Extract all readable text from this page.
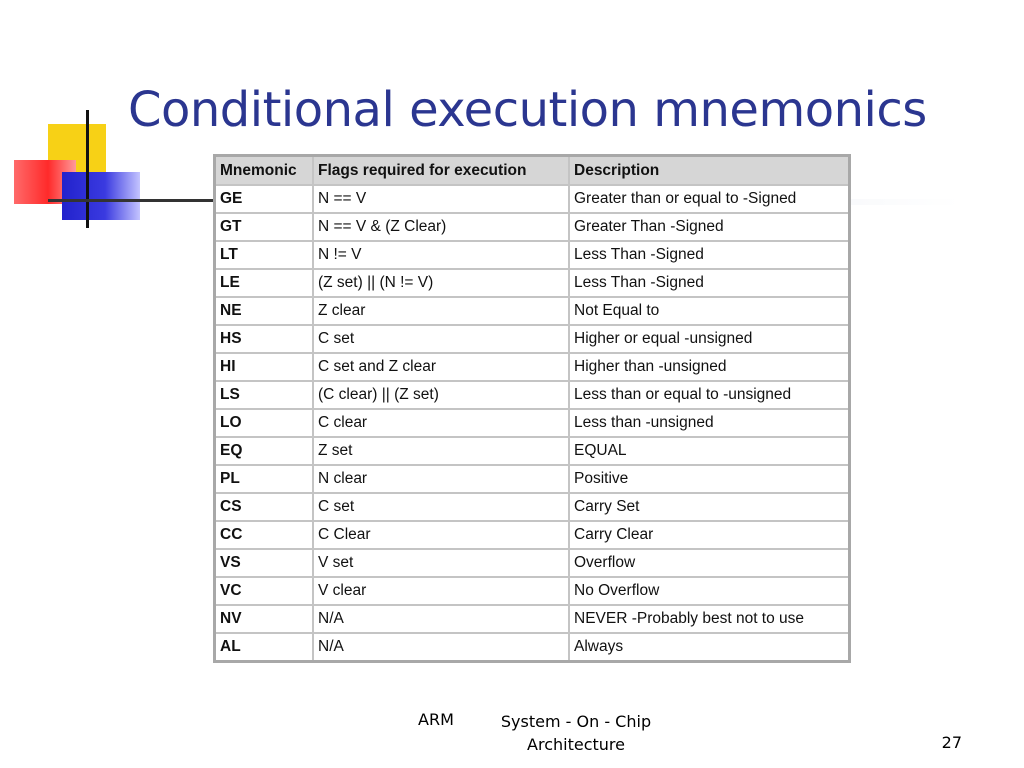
Conditional execution mnemonics
Mnemonic	Flags required for execution	Description
GE	N == V	Greater than or equal to -Signed
GT	N == V & (Z Clear)	Greater Than -Signed
LT	N != V	Less Than -Signed
LE	(Z set) || (N != V)	Less Than -Signed
NE	Z clear	Not Equal to
HS	C set	Higher or equal -unsigned
HI	C set and Z clear	Higher than -unsigned
LS	(C clear) || (Z set)	Less than or equal to -unsigned
LO	C clear	Less than -unsigned
EQ	Z set	EQUAL
PL	N clear	Positive
CS	C set	Carry Set
CC	C Clear	Carry Clear
VS	V set	Overflow
VC	V clear	No Overflow
NV	N/A	NEVER -Probably best not to use
AL	N/A	Always
ARM	System - On - Chip
Architecture	27
